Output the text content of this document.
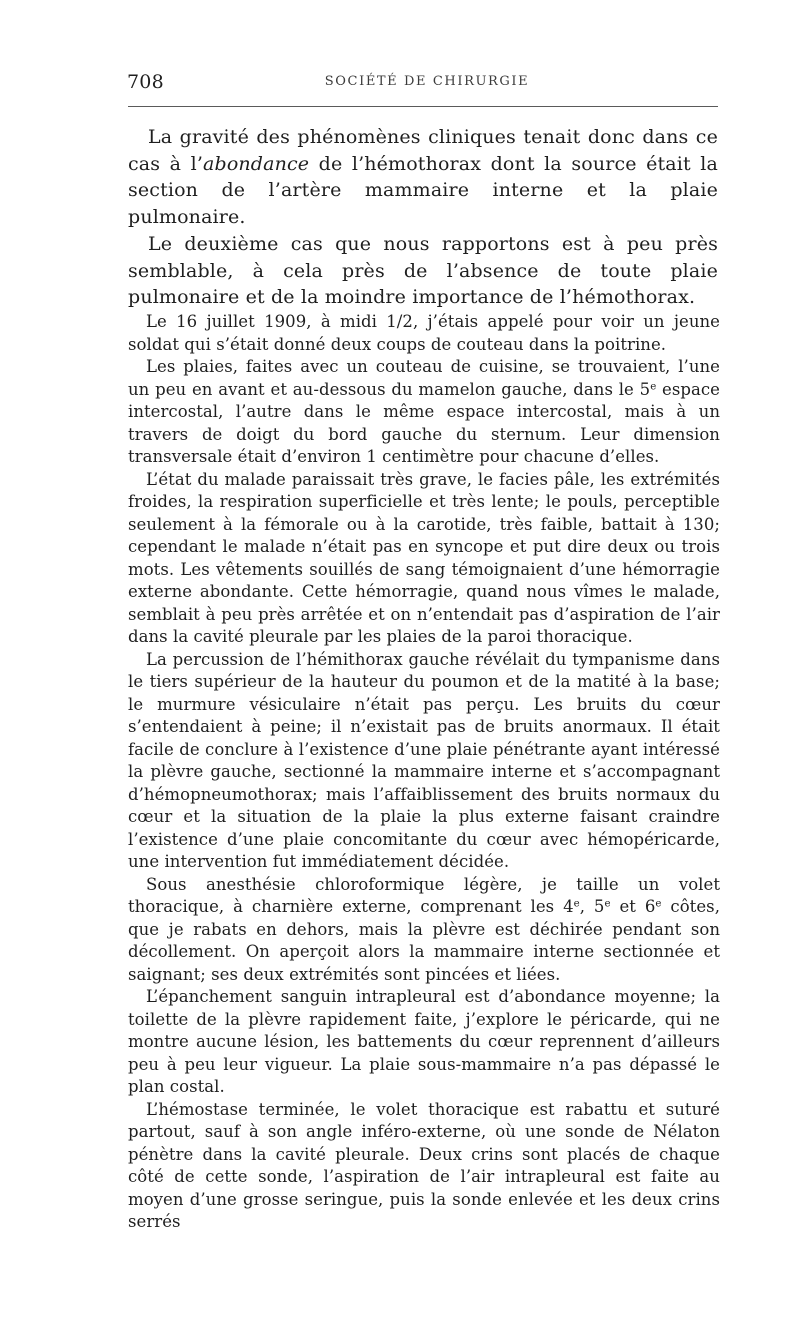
708	SOCIÉTÉ DE CHIRURGIE

La gravité des phénomènes cliniques tenait donc dans ce cas à l’abondance de l’hémothorax dont la source était la section de l’artère mammaire interne et la plaie pulmonaire.

Le deuxième cas que nous rapportons est à peu près semblable, à cela près de l’absence de toute plaie pulmonaire et de la moindre importance de l’hémothorax.

Le 16 juillet 1909, à midi 1/2, j’étais appelé pour voir un jeune soldat qui s’était donné deux coups de couteau dans la poitrine.

Les plaies, faites avec un couteau de cuisine, se trouvaient, l’une un peu en avant et au-dessous du mamelon gauche, dans le 5e espace intercostal, l’autre dans le même espace intercostal, mais à un travers de doigt du bord gauche du sternum. Leur dimension transversale était d’environ 1 centimètre pour chacune d’elles.

L’état du malade paraissait très grave, le facies pâle, les extrémités froides, la respiration superficielle et très lente; le pouls, perceptible seulement à la fémorale ou à la carotide, très faible, battait à 130; cependant le malade n’était pas en syncope et put dire deux ou trois mots. Les vêtements souillés de sang témoignaient d’une hémorragie externe abondante. Cette hémorragie, quand nous vîmes le malade, semblait à peu près arrêtée et on n’entendait pas d’aspiration de l’air dans la cavité pleurale par les plaies de la paroi thoracique.

La percussion de l’hémithorax gauche révélait du tympanisme dans le tiers supérieur de la hauteur du poumon et de la matité à la base; le murmure vésiculaire n’était pas perçu. Les bruits du cœur s’entendaient à peine; il n’existait pas de bruits anormaux. Il était facile de conclure à l’existence d’une plaie pénétrante ayant intéressé la plèvre gauche, sectionné la mammaire interne et s’accompagnant d’hémopneumothorax; mais l’affaiblissement des bruits normaux du cœur et la situation de la plaie la plus externe faisant craindre l’existence d’une plaie concomitante du cœur avec hémopéricarde, une intervention fut immédiatement décidée.

Sous anesthésie chloroformique légère, je taille un volet thoracique, à charnière externe, comprenant les 4e, 5e et 6e côtes, que je rabats en dehors, mais la plèvre est déchirée pendant son décollement. On aperçoit alors la mammaire interne sectionnée et saignant; ses deux extrémités sont pincées et liées.

L’épanchement sanguin intrapleural est d’abondance moyenne; la toilette de la plèvre rapidement faite, j’explore le péricarde, qui ne montre aucune lésion, les battements du cœur reprennent d’ailleurs peu à peu leur vigueur. La plaie sous-mammaire n’a pas dépassé le plan costal.

L’hémostase terminée, le volet thoracique est rabattu et suturé partout, sauf à son angle inféro-externe, où une sonde de Nélaton pénètre dans la cavité pleurale. Deux crins sont placés de chaque côté de cette sonde, l’aspiration de l’air intrapleural est faite au moyen d’une grosse seringue, puis la sonde enlevée et les deux crins serrés
